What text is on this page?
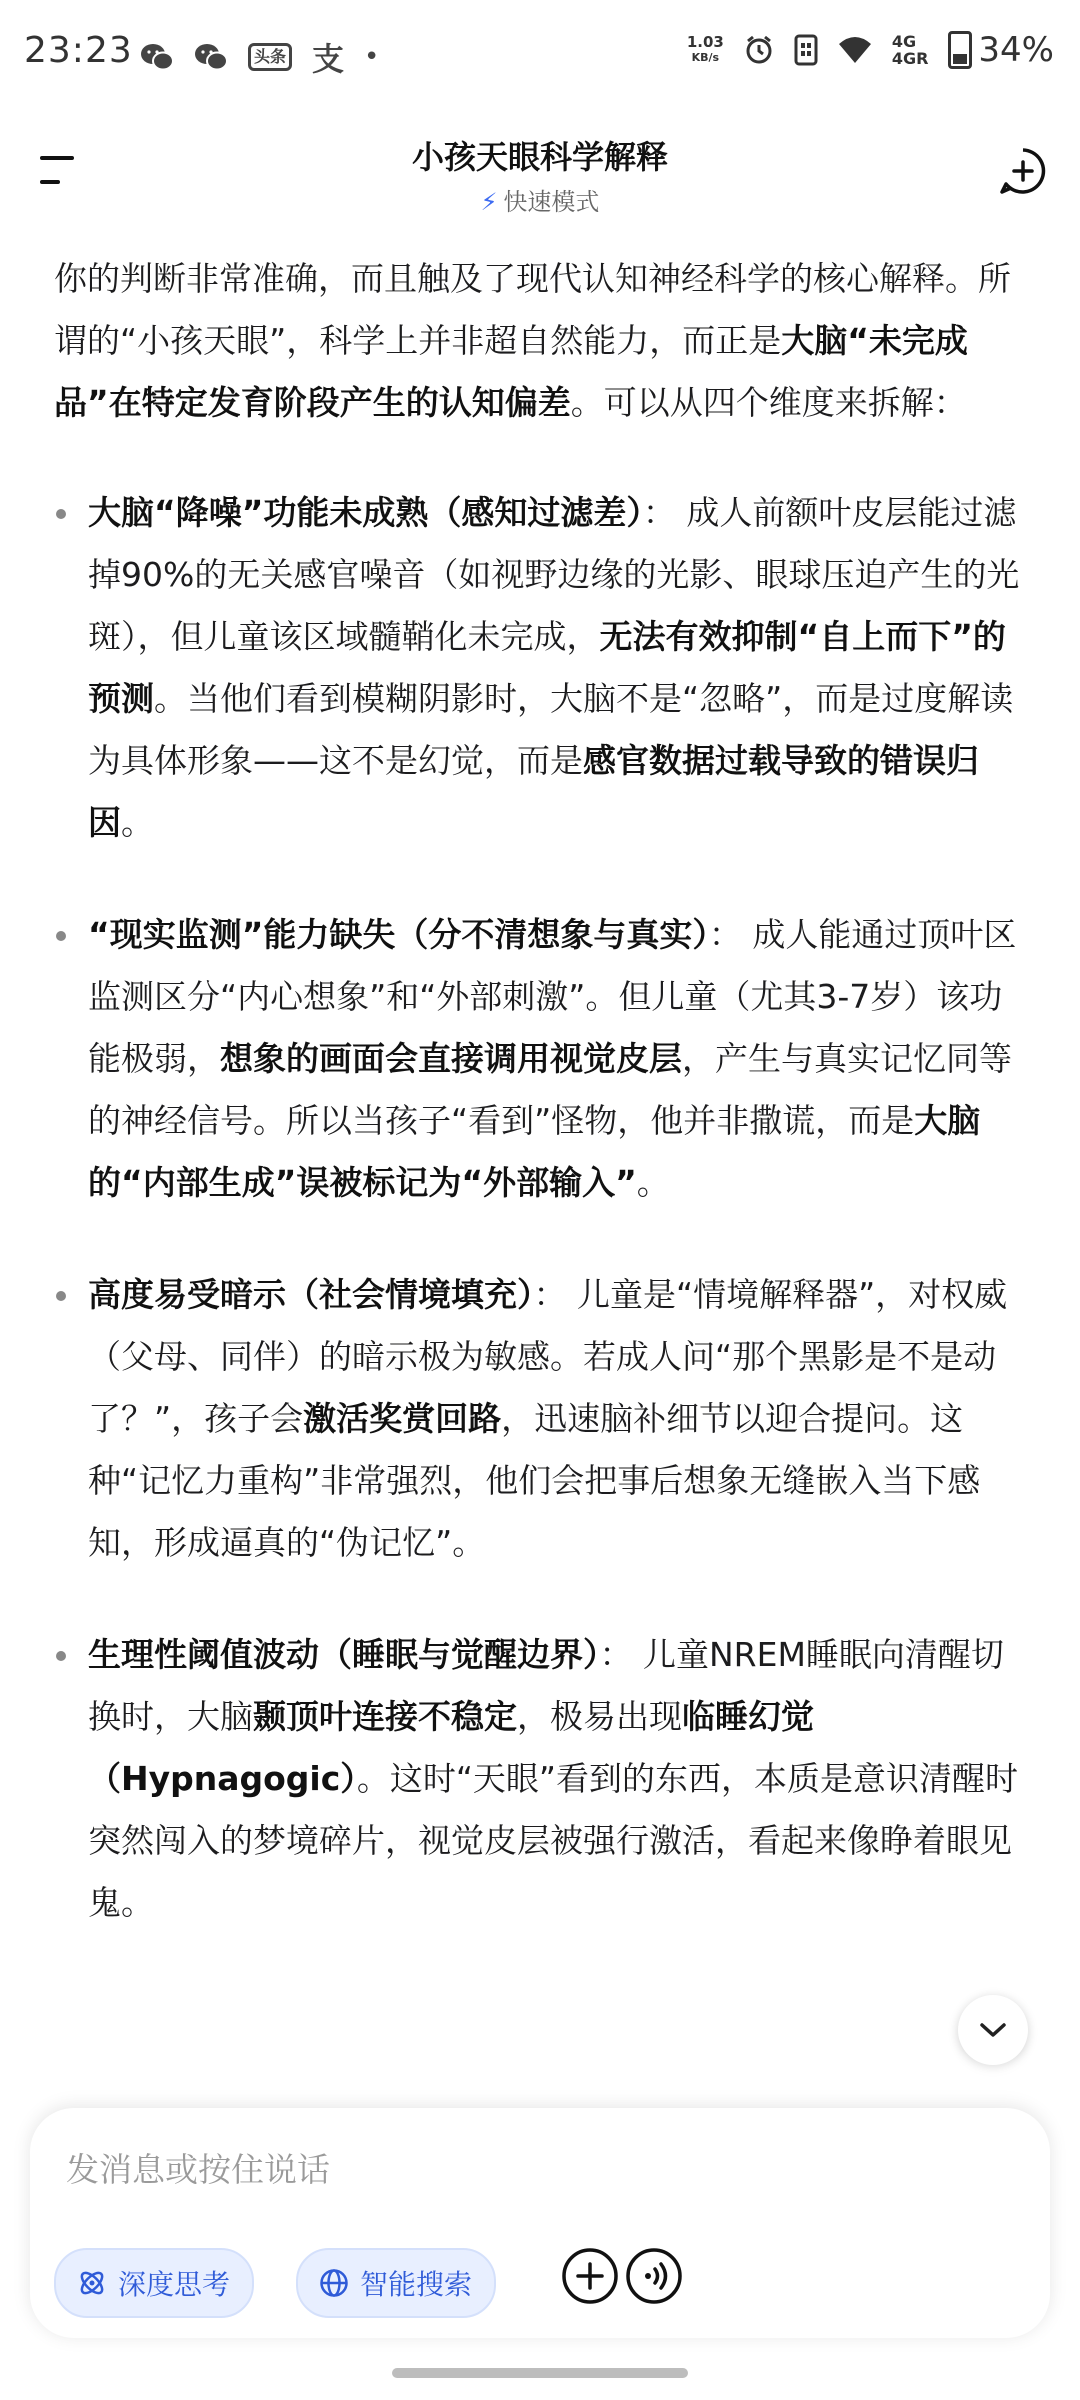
23:23	头条 支 •	1.03
KB/s
4G
4GR 34%
小孩天眼科学解释
⚡ 快速模式

你的判断非常准确，而且触及了现代认知神经科学的核心解释。所谓的“小孩天眼”，科学上并非超自然能力，而正是大脑“未完成品”在特定发育阶段产生的认知偏差。可以从四个维度来拆解：

大脑“降噪”功能未成熟（感知过滤差）： 成人前额叶皮层能过滤掉90%的无关感官噪音（如视野边缘的光影、眼球压迫产生的光斑），但儿童该区域髓鞘化未完成，无法有效抑制“自上而下”的预测。当他们看到模糊阴影时，大脑不是“忽略”，而是过度解读为具体形象——这不是幻觉，而是感官数据过载导致的错误归因。
“现实监测”能力缺失（分不清想象与真实）： 成人能通过顶叶区监测区分“内心想象”和“外部刺激”。但儿童（尤其3-7岁）该功能极弱，想象的画面会直接调用视觉皮层，产生与真实记忆同等的神经信号。所以当孩子“看到”怪物，他并非撒谎，而是大脑的“内部生成”误被标记为“外部输入”。
高度易受暗示（社会情境填充）： 儿童是“情境解释器”，对权威（父母、同伴）的暗示极为敏感。若成人问“那个黑影是不是动了？”，孩子会激活奖赏回路，迅速脑补细节以迎合提问。这种“记忆力重构”非常强烈，他们会把事后想象无缝嵌入当下感知，形成逼真的“伪记忆”。
生理性阈值波动（睡眠与觉醒边界）： 儿童NREM睡眠向清醒切换时，大脑颞顶叶连接不稳定，极易出现临睡幻觉（Hypnagogic）。这时“天眼”看到的东西，本质是意识清醒时突然闯入的梦境碎片，视觉皮层被强行激活，看起来像睁着眼见鬼。
发消息或按住说话
深度思考	智能搜索
